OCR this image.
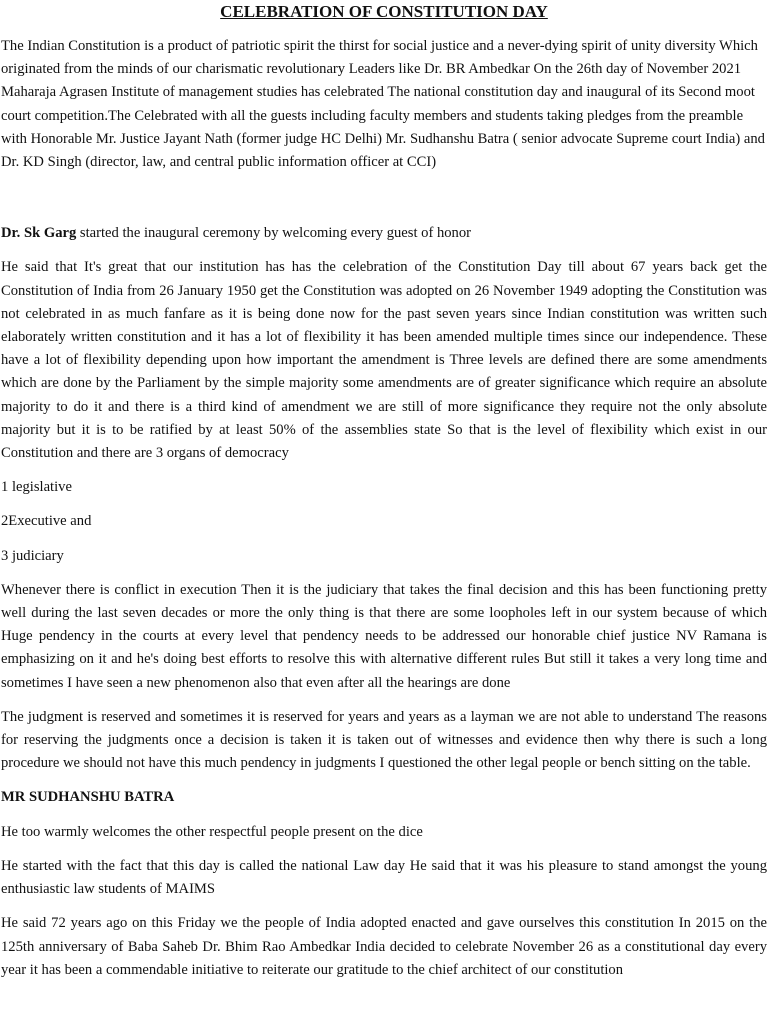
CELEBRATION OF CONSTITUTION DAY

The Indian Constitution is a product of patriotic spirit the thirst for social justice and a never-dying spirit of unity diversity Which originated from the minds of our charismatic revolutionary Leaders like Dr. BR Ambedkar On the 26th day of November 2021 Maharaja Agrasen Institute of management studies has celebrated The national constitution day and inaugural of its Second moot court competition.The Celebrated with all the guests including faculty members and students taking pledges from the preamble with Honorable Mr. Justice Jayant Nath (former judge HC Delhi) Mr. Sudhanshu Batra ( senior advocate Supreme court India) and Dr. KD Singh (director, law, and central public information officer at CCI)

Dr. Sk Garg started the inaugural ceremony by welcoming every guest of honor

He said that It's great that our institution has has the celebration of the Constitution Day till about 67 years back get the Constitution of India from 26 January 1950 get the Constitution was adopted on 26 November 1949 adopting the Constitution was not celebrated in as much fanfare as it is being done now for the past seven years since Indian constitution was written such elaborately written constitution and it has a lot of flexibility it has been amended multiple times since our independence. These have a lot of flexibility depending upon how important the amendment is Three levels are defined there are some amendments which are done by the Parliament by the simple majority some amendments are of greater significance which require an absolute majority to do it and there is a third kind of amendment we are still of more significance they require not the only absolute majority but it is to be ratified by at least 50% of the assemblies state So that is the level of flexibility which exist in our Constitution and there are 3 organs of democracy

1 legislative

2Executive and

3 judiciary

Whenever there is conflict in execution Then it is the judiciary that takes the final decision and this has been functioning pretty well during the last seven decades or more the only thing is that there are some loopholes left in our system because of which Huge pendency in the courts at every level that pendency needs to be addressed our honorable chief justice NV Ramana is emphasizing on it and he's doing best efforts to resolve this with alternative different rules But still it takes a very long time and sometimes I have seen a new phenomenon also that even after all the hearings are done

The judgment is reserved and sometimes it is reserved for years and years as a layman we are not able to understand The reasons for reserving the judgments once a decision is taken it is taken out of witnesses and evidence then why there is such a long procedure we should not have this much pendency in judgments I questioned the other legal people or bench sitting on the table.

MR SUDHANSHU BATRA

He too warmly welcomes the other respectful people present on the dice

He started with the fact that this day is called the national Law day He said that it was his pleasure to stand amongst the young enthusiastic law students of MAIMS

He said 72 years ago on this Friday we the people of India adopted enacted and gave ourselves this constitution In 2015 on the 125th anniversary of Baba Saheb Dr. Bhim Rao Ambedkar India decided to celebrate November 26 as a constitutional day every year it has been a commendable initiative to reiterate our gratitude to the chief architect of our constitution
